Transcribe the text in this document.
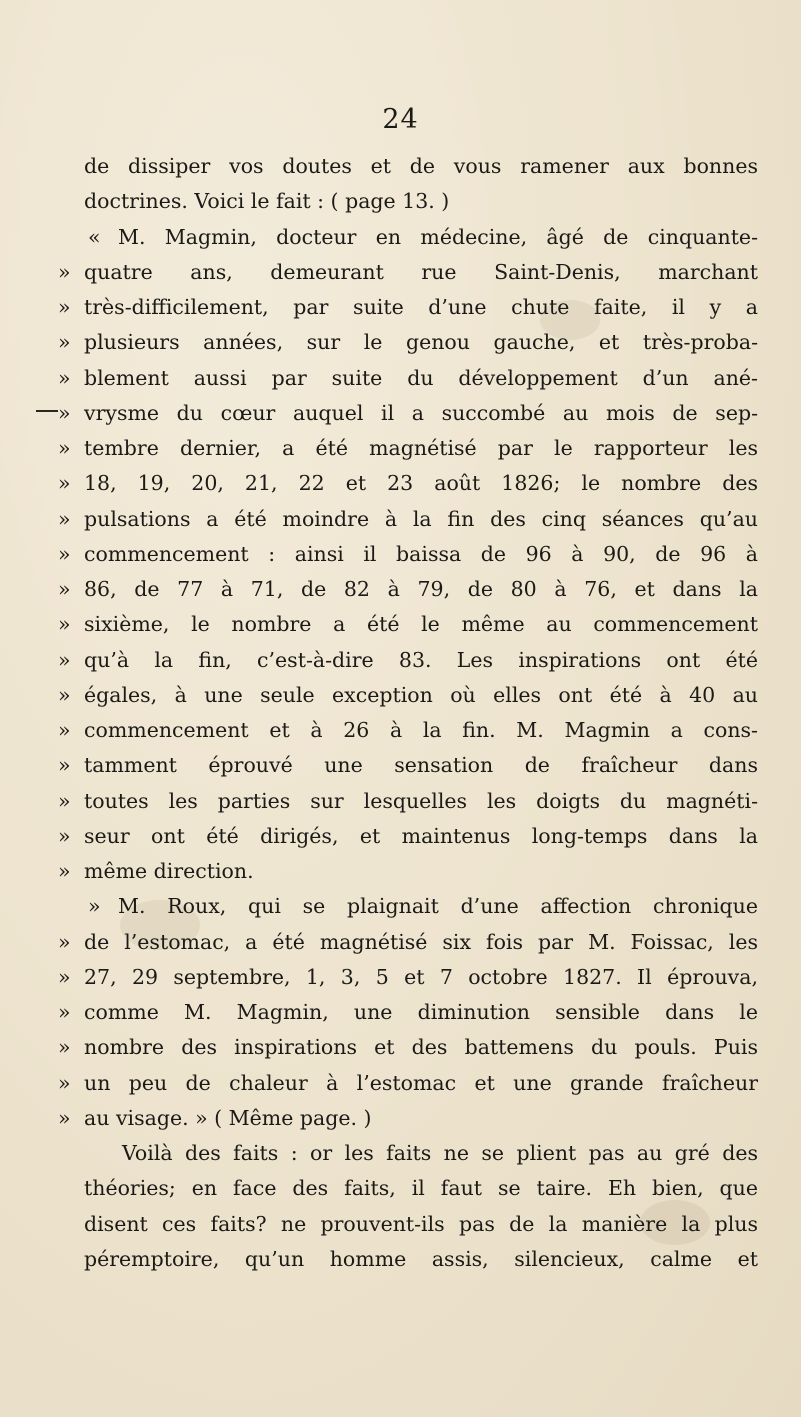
24
de dissiper vos doutes et de vous ramener aux bonnes
doctrines. Voici le fait : ( page 13. )
« M. Magmin, docteur en médecine, âgé de cinquante-
» quatre ans, demeurant rue Saint-Denis, marchant
» très-difficilement, par suite d’une chute faite, il y a
» plusieurs années, sur le genou gauche, et très-proba-
» blement aussi par suite du développement d’un ané-
» vrysme du cœur auquel il a succombé au mois de sep-
» tembre dernier, a été magnétisé par le rapporteur les
» 18, 19, 20, 21, 22 et 23 août 1826; le nombre des
» pulsations a été moindre à la fin des cinq séances qu’au
» commencement : ainsi il baissa de 96 à 90, de 96 à
» 86, de 77 à 71, de 82 à 79, de 80 à 76, et dans la
» sixième, le nombre a été le même au commencement
» qu’à la fin, c’est-à-dire 83. Les inspirations ont été
» égales, à une seule exception où elles ont été à 40 au
» commencement et à 26 à la fin. M. Magmin a cons-
» tamment éprouvé une sensation de fraîcheur dans
» toutes les parties sur lesquelles les doigts du magnéti-
» seur ont été dirigés, et maintenus long-temps dans la
» même direction.
» M. Roux, qui se plaignait d’une affection chronique
» de l’estomac, a été magnétisé six fois par M. Foissac, les
» 27, 29 septembre, 1, 3, 5 et 7 octobre 1827. Il éprouva,
» comme M. Magmin, une diminution sensible dans le
» nombre des inspirations et des battemens du pouls. Puis
» un peu de chaleur à l’estomac et une grande fraîcheur
» au visage. » ( Même page. )
Voilà des faits : or les faits ne se plient pas au gré des
théories; en face des faits, il faut se taire. Eh bien, que
disent ces faits? ne prouvent-ils pas de la manière la plus
péremptoire, qu’un homme assis, silencieux, calme et
